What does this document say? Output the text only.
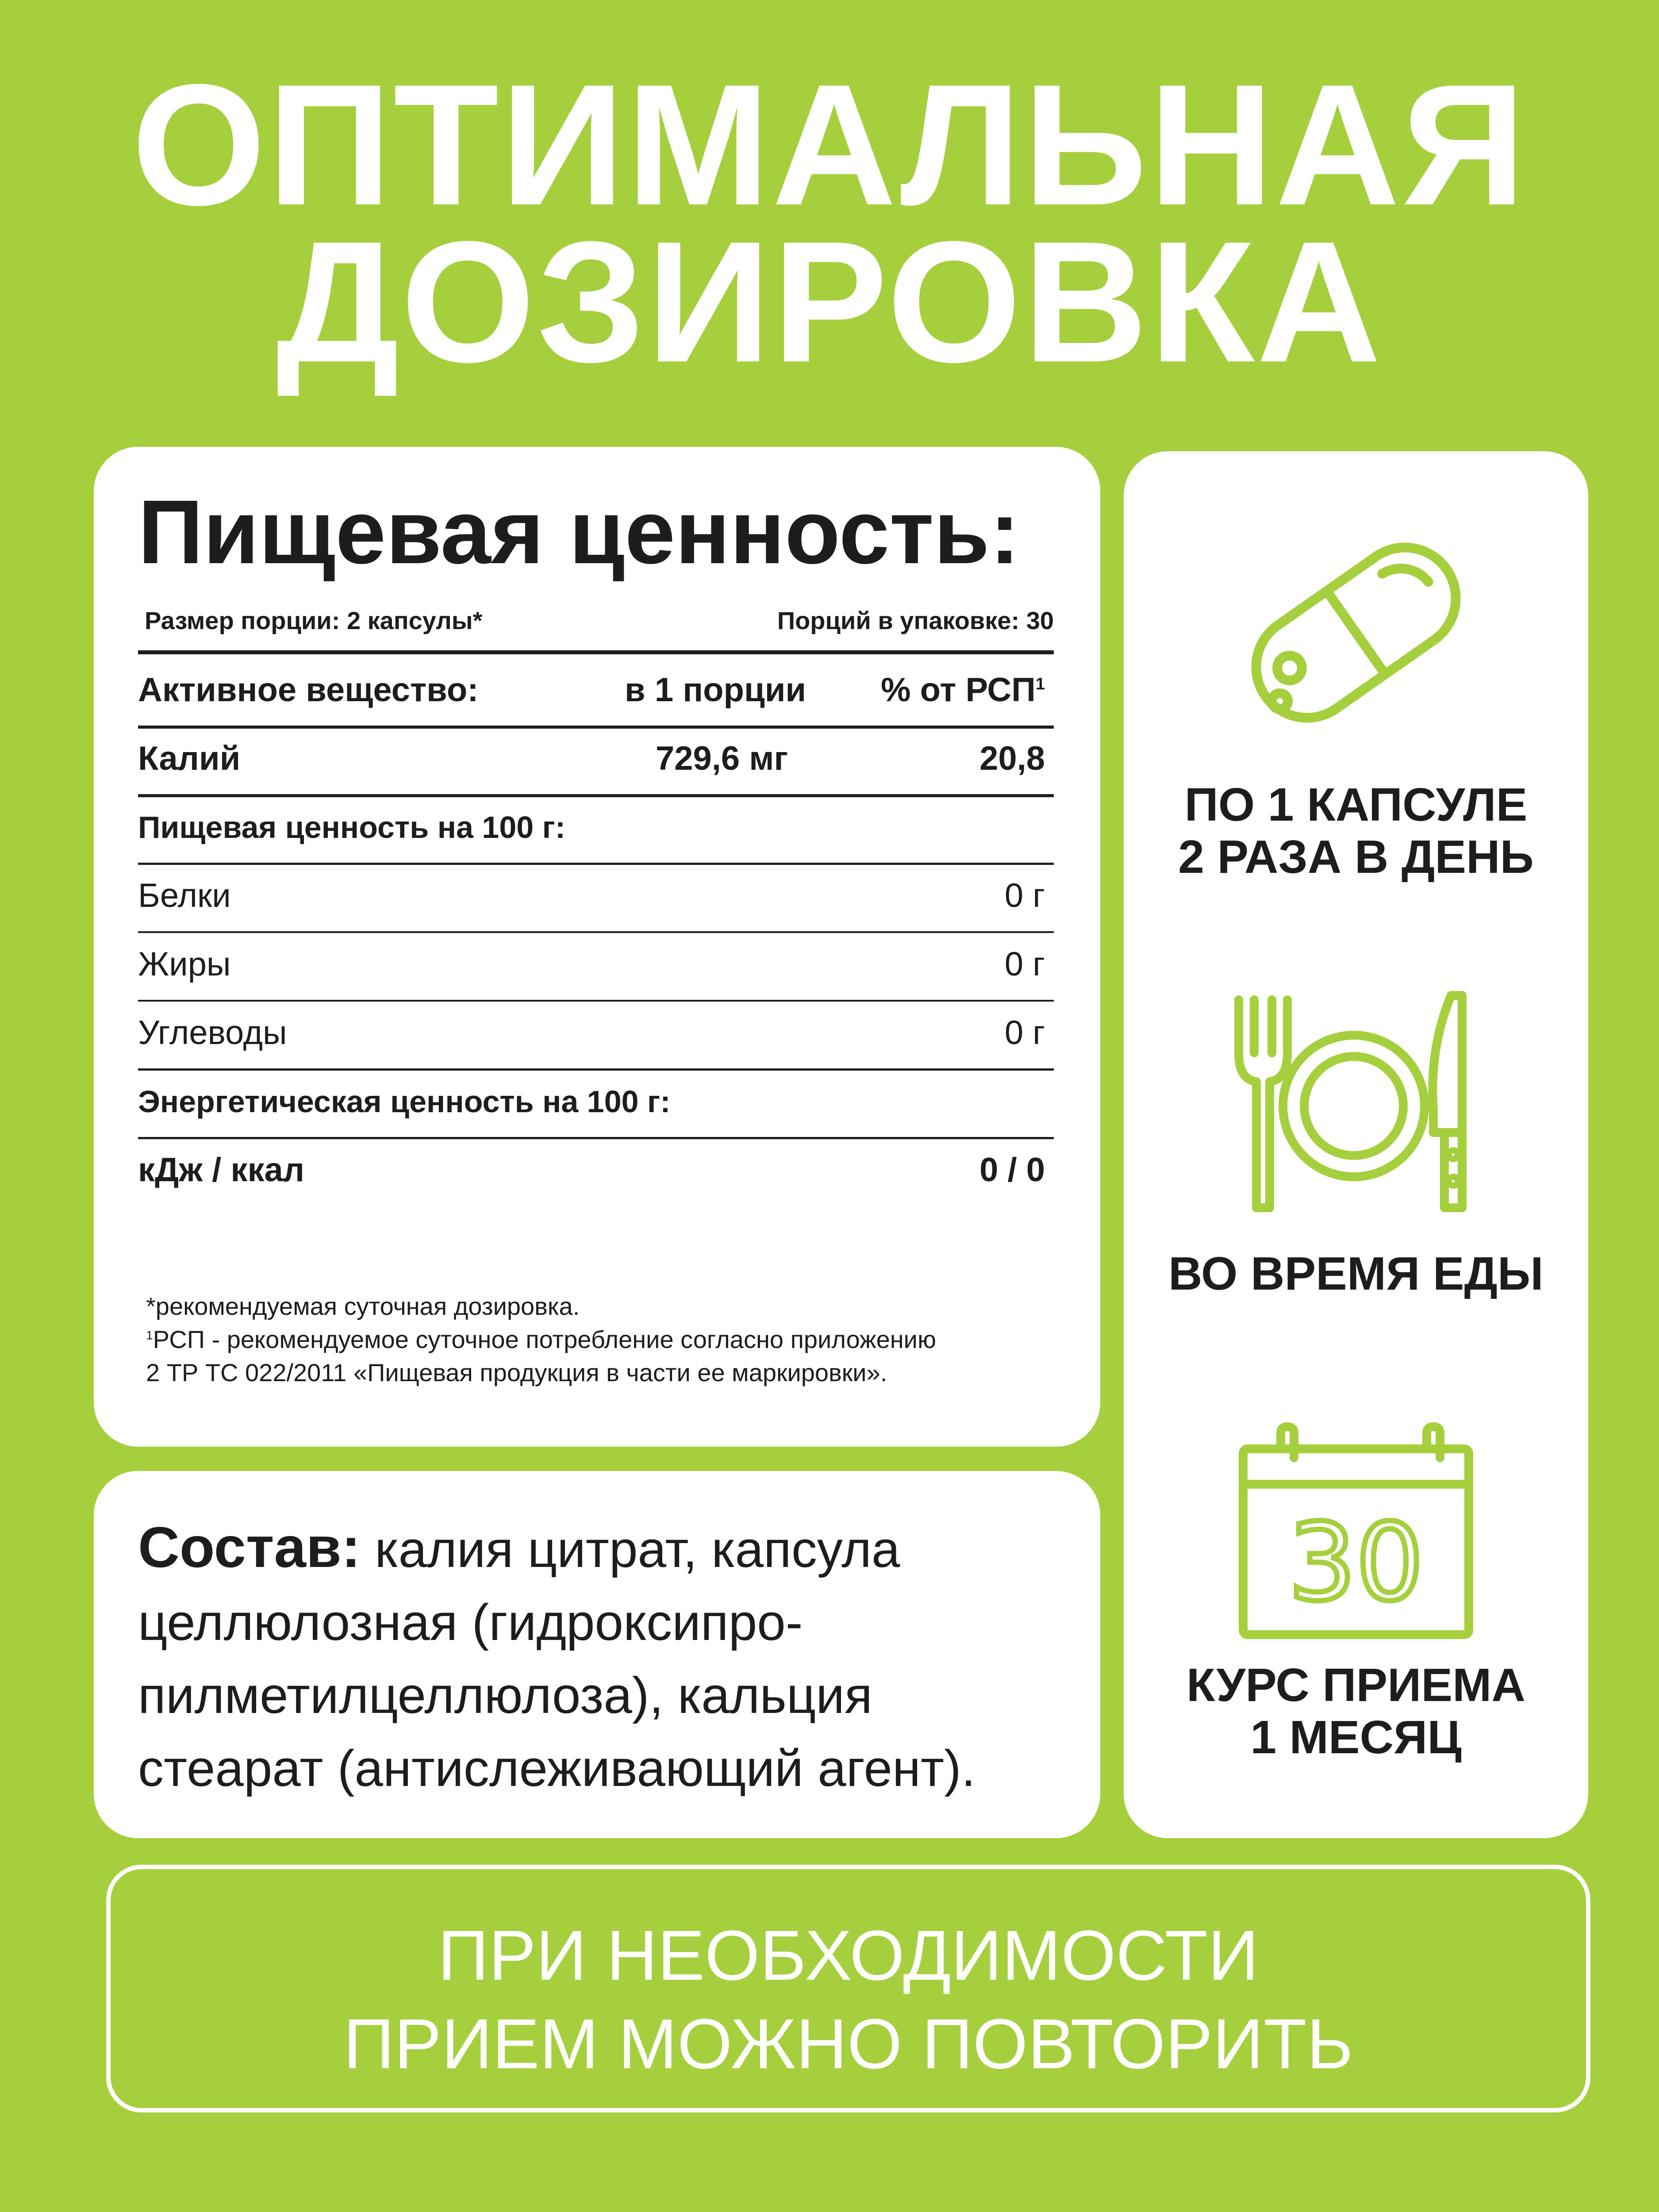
ОПТИМАЛЬНАЯ
ДОЗИРОВКА
Пищевая ценность:
Размер порции: 2 капсулы*	Порций в упаковке: 30
Активное вещество:	в 1 порции % от РСП$^1$
Калий	729,6 мг	20,8
Пищевая ценность на 100 г:
Белки	0 г
Жиры	0 г
Углеводы	0 г
Энергетическая ценность на 100 г:
кДж / ккал	0 / 0
*рекомендуемая суточная дозировка.
$^1$РСП - рекомендуемое суточное потребление согласно приложению
2 ТР ТС 022/2011 «Пищевая продукция в части ее маркировки».
Состав: калия цитрат, капсула
целлюлозная (гидроксипро-
пилметилцеллюлоза), кальция
стеарат (антислеживающий агент).
ПО 1 КАПСУЛЕ
2 РАЗА В ДЕНЬ
ВО ВРЕМЯ ЕДЫ
30
КУРС ПРИЕМА
1 МЕСЯЦ
ПРИ НЕОБХОДИМОСТИ
ПРИЕМ МОЖНО ПОВТОРИТЬ
